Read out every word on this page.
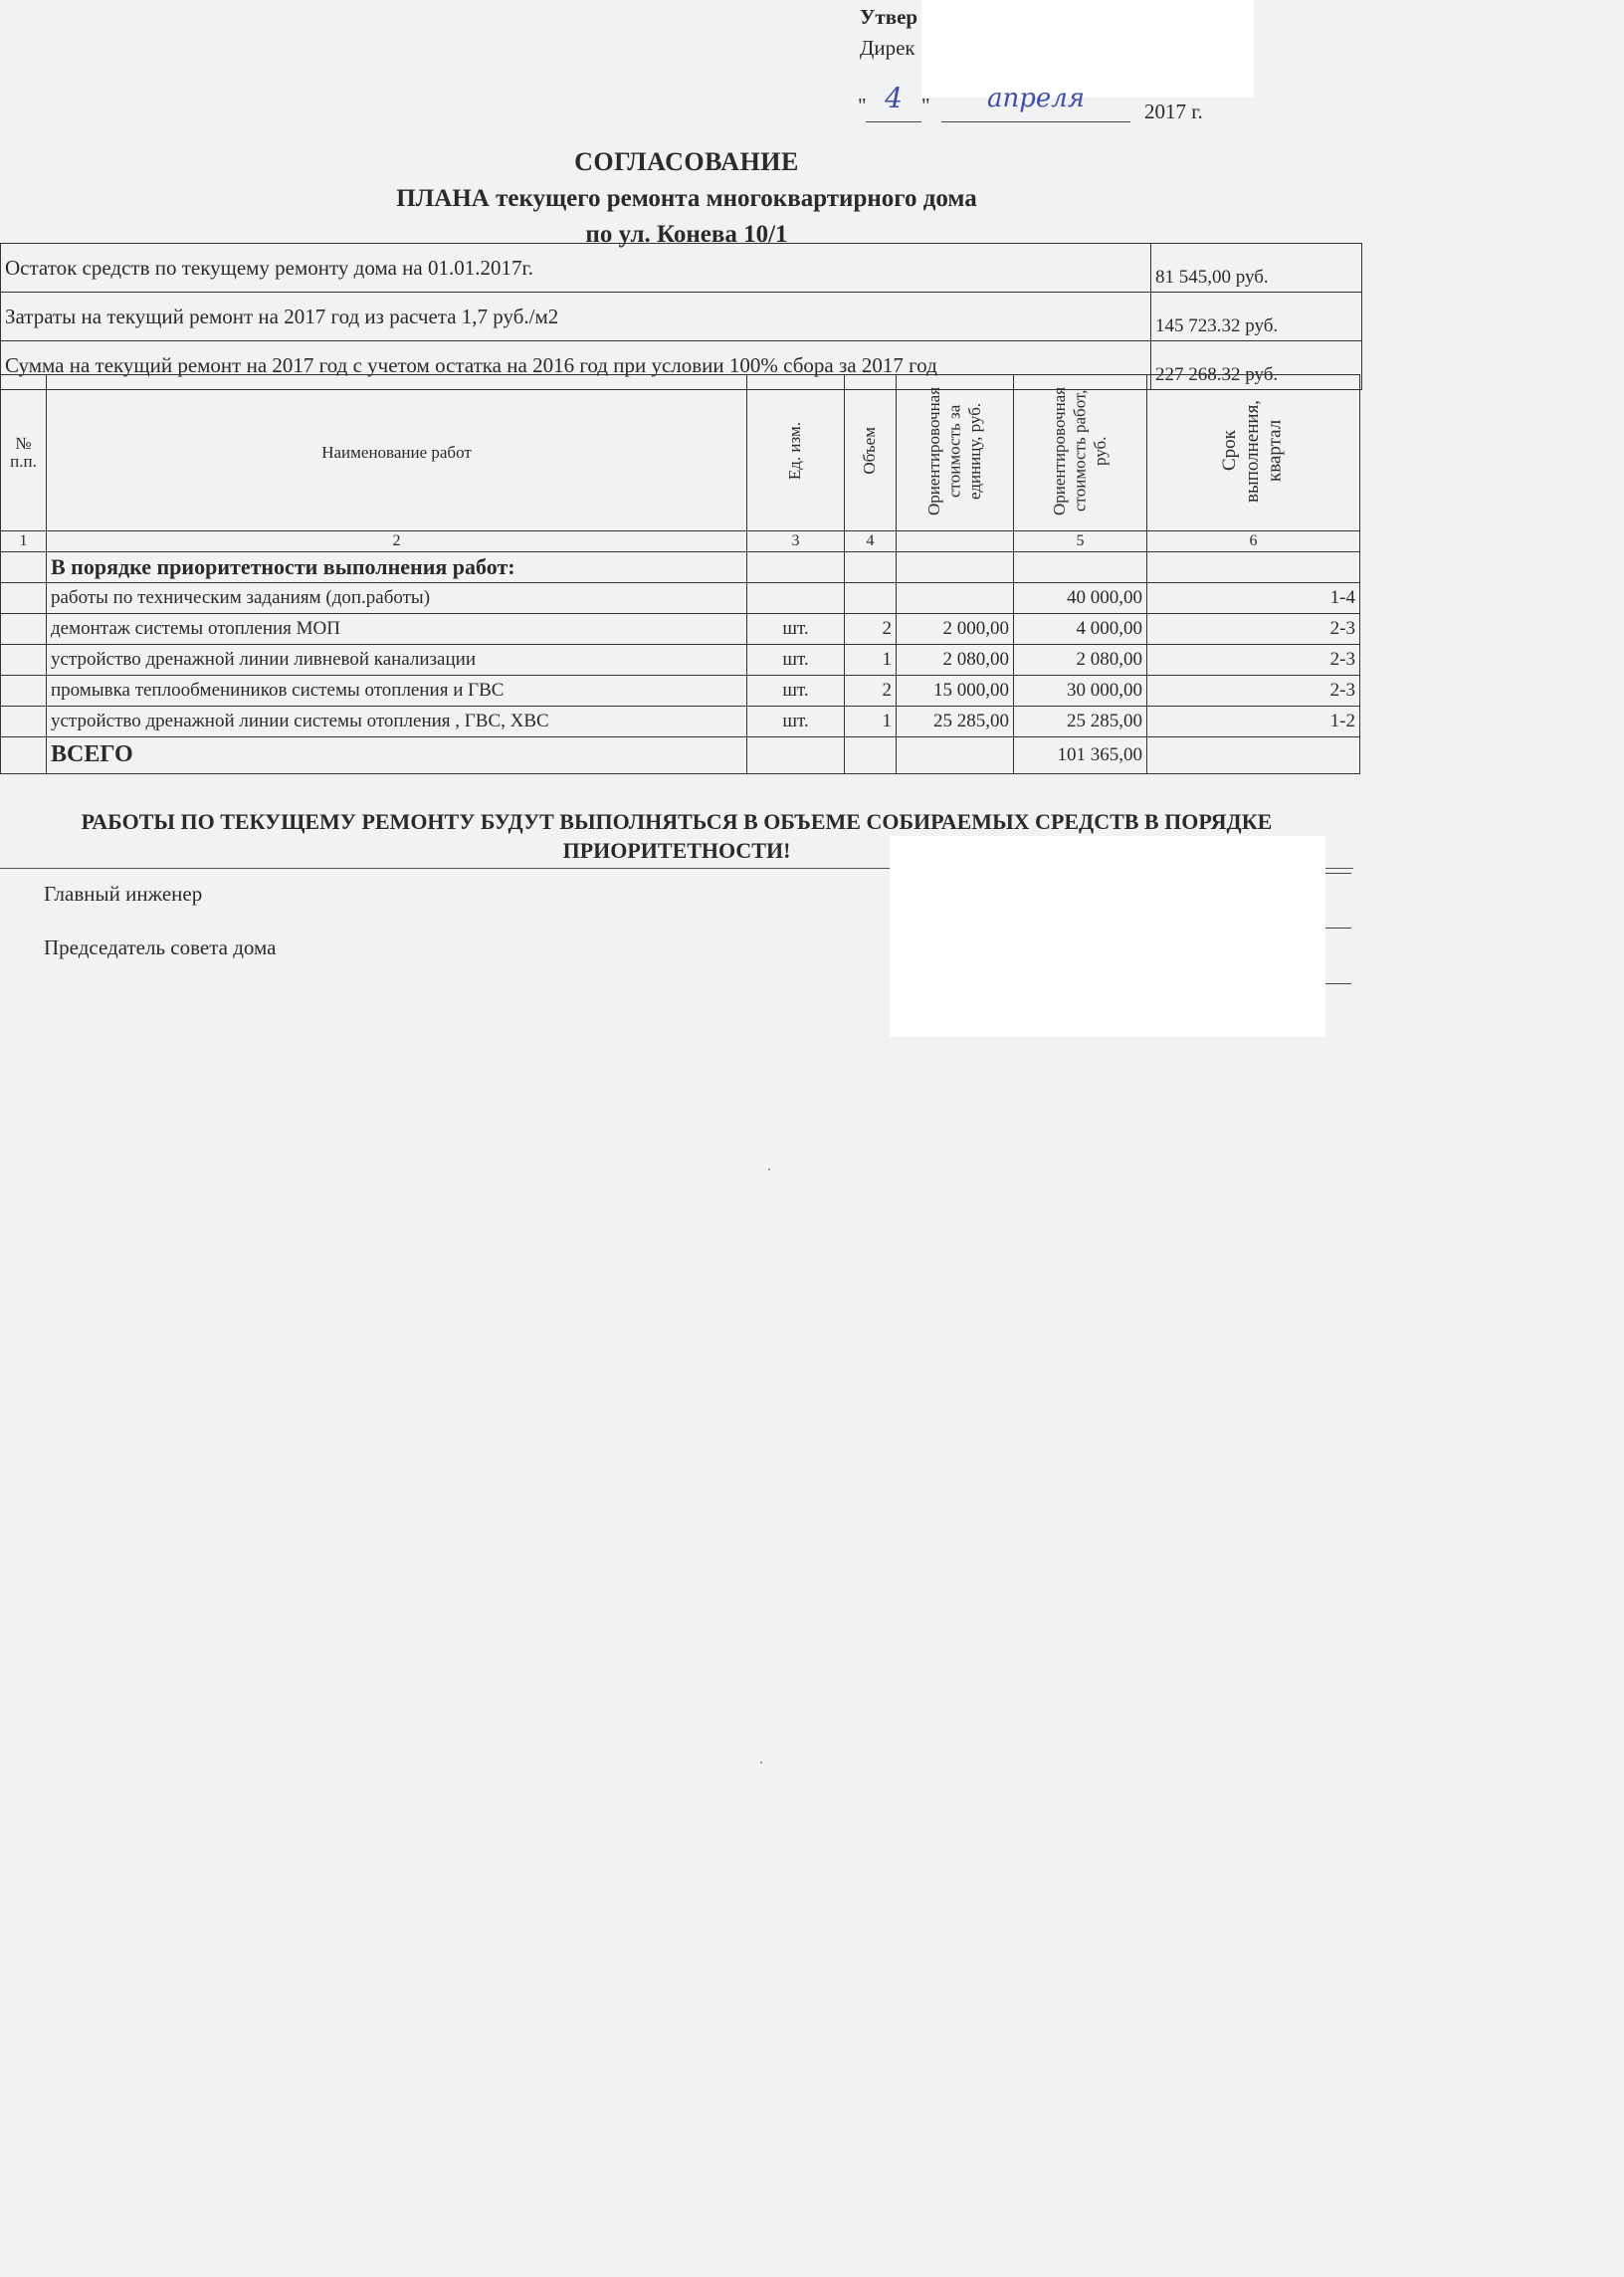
Утвер
Дирек
" 4 "	апреля	2017 г.
СОГЛАСОВАНИЕ
ПЛАНА текущего ремонта многоквартирного дома
по ул. Конева 10/1
Остаток средств по текущему ремонту дома на 01.01.2017г.	81 545,00 руб.
Затраты на текущий ремонт на 2017 год из расчета 1,7 руб./м2	145 723.32 руб.
Сумма на текущий ремонт на 2017 год с учетом остатка на 2016 год при условии 100% сбора за 2017 год	227 268.32 руб.
№ п.п.	Наименование работ	Ед. изм.	Объем	Ориентировочная стоимость за единицу, руб.	Ориентировочная стоимость работ, руб.	Срок выполнения, квартал
1	2	3	4		5	6
	В порядке приоритетности выполнения работ:					
	работы по техническим заданиям (доп.работы)				40 000,00	1-4
	демонтаж системы отопления МОП	шт.	2	2 000,00	4 000,00	2-3
	устройство дренажной линии ливневой канализации	шт.	1	2 080,00	2 080,00	2-3
	промывка теплообмениников системы отопления и ГВС	шт.	2	15 000,00	30 000,00	2-3
	устройство дренажной линии системы отопления , ГВС, ХВС	шт.	1	25 285,00	25 285,00	1-2
	ВСЕГО				101 365,00	
РАБОТЫ ПО ТЕКУЩЕМУ РЕМОНТУ БУДУТ ВЫПОЛНЯТЬСЯ В ОБЪЕМЕ СОБИРАЕМЫХ СРЕДСТВ В ПОРЯДКЕ ПРИОРИТЕТНОСТИ!
Главный инженер
Председатель совета дома
